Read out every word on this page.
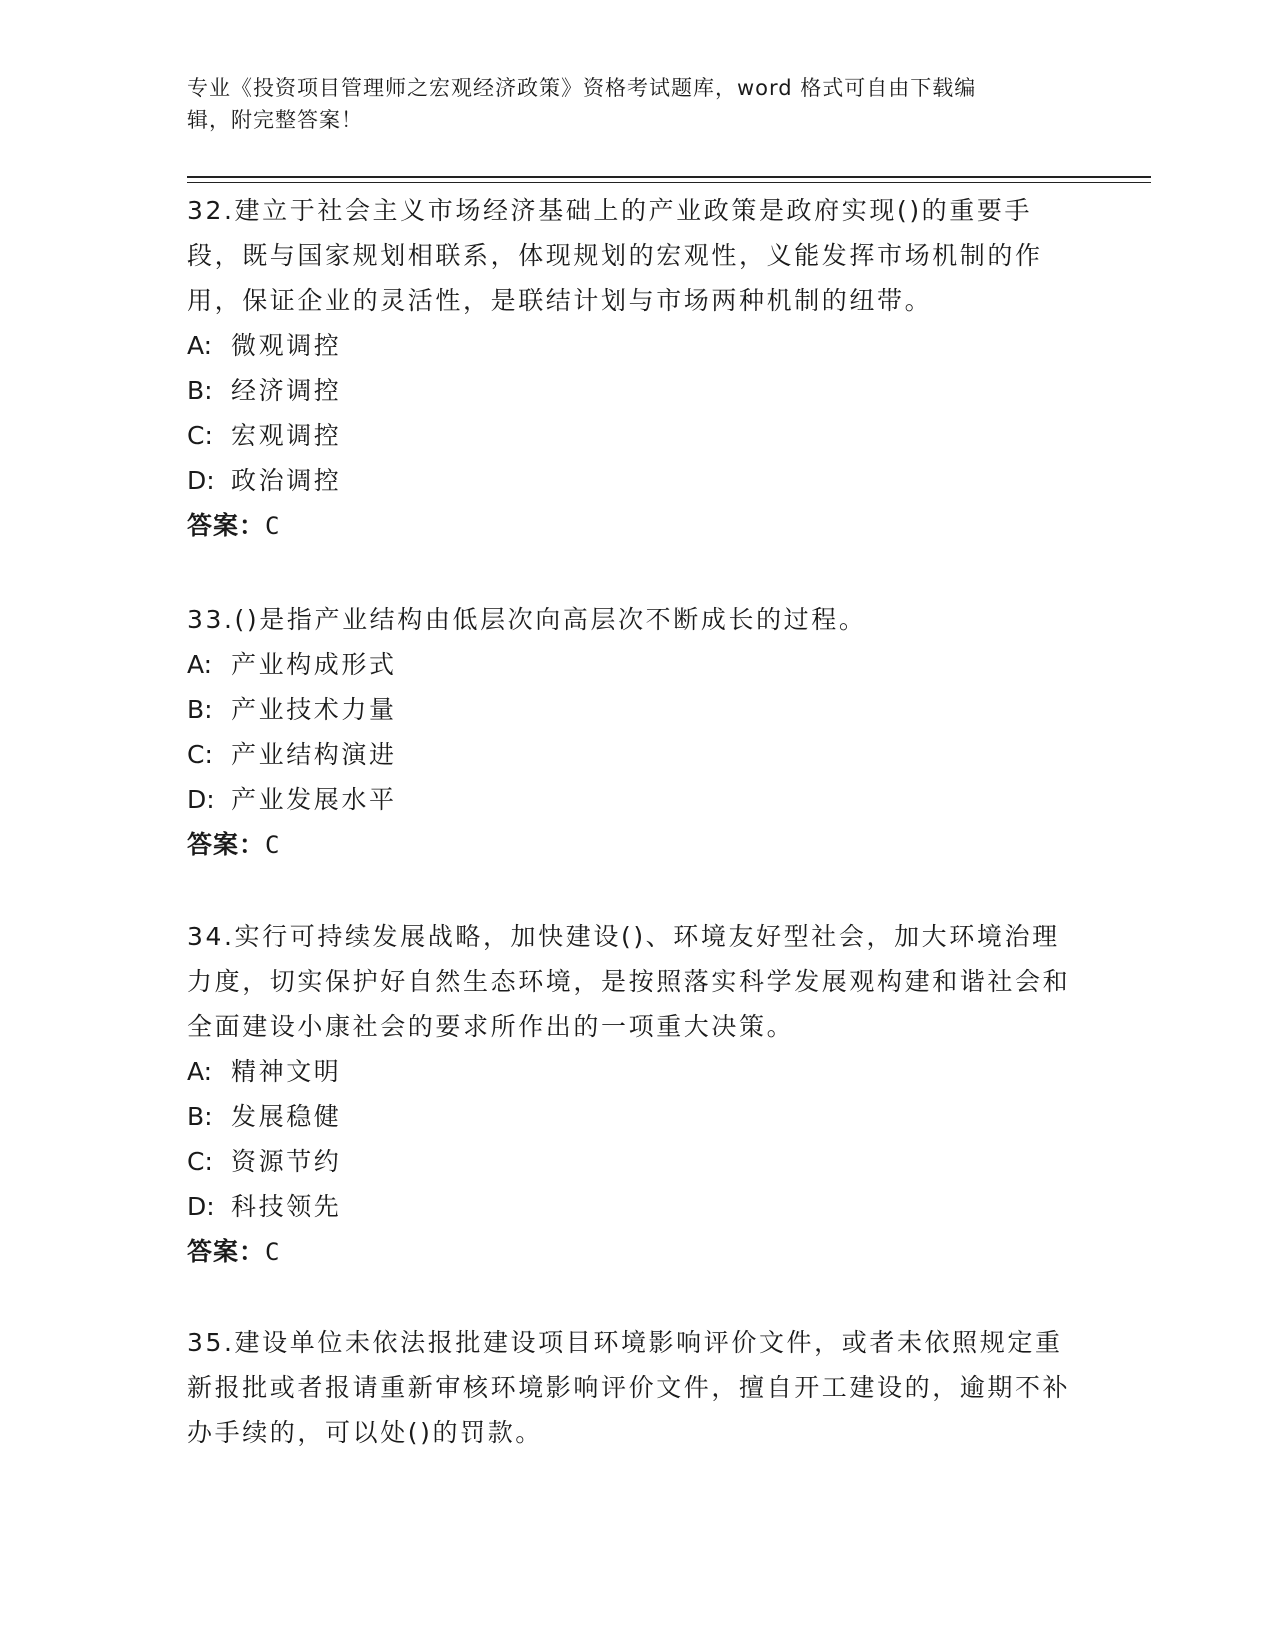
专业《投资项目管理师之宏观经济政策》资格考试题库，word 格式可自由下载编
辑，附完整答案！

32.建立于社会主义市场经济基础上的产业政策是政府实现()的重要手段，既与国家规划相联系，体现规划的宏观性，义能发挥市场机制的作用，保证企业的灵活性，是联结计划与市场两种机制的纽带。

A: 微观调控

B: 经济调控

C: 宏观调控

D: 政治调控

答案：C

33.()是指产业结构由低层次向高层次不断成长的过程。

A: 产业构成形式

B: 产业技术力量

C: 产业结构演进

D: 产业发展水平

答案：C

34.实行可持续发展战略，加快建设()、环境友好型社会，加大环境治理力度，切实保护好自然生态环境，是按照落实科学发展观构建和谐社会和全面建设小康社会的要求所作出的一项重大决策。

A: 精神文明

B: 发展稳健

C: 资源节约

D: 科技领先

答案：C

35.建设单位未依法报批建设项目环境影响评价文件，或者未依照规定重新报批或者报请重新审核环境影响评价文件，擅自开工建设的，逾期不补办手续的，可以处()的罚款。
